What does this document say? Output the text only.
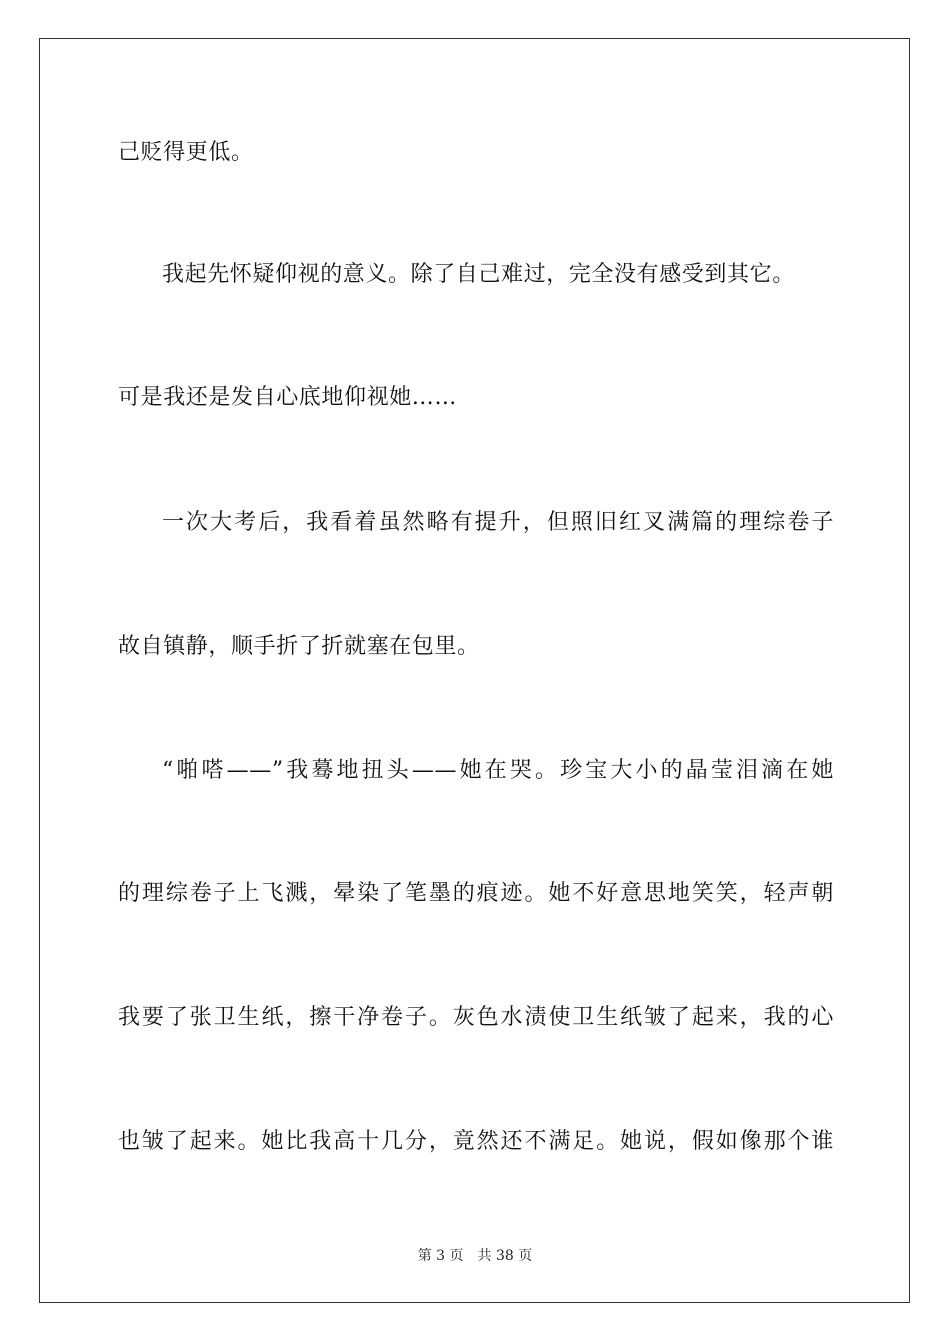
己贬得更低。
我起先怀疑仰视的意义。除了自己难过，完全没有感受到其它。
可是我还是发自心底地仰视她……
一次大考后，我看着虽然略有提升，但照旧红叉满篇的理综卷子
故自镇静，顺手折了折就塞在包里。
“啪嗒——”我蓦地扭头——她在哭。珍宝大小的晶莹泪滴在她
的理综卷子上飞溅，晕染了笔墨的痕迹。她不好意思地笑笑，轻声朝
我要了张卫生纸，擦干净卷子。灰色水渍使卫生纸皱了起来，我的心
也皱了起来。她比我高十几分，竟然还不满足。她说，假如像那个谁
第 3 页　共 38 页
